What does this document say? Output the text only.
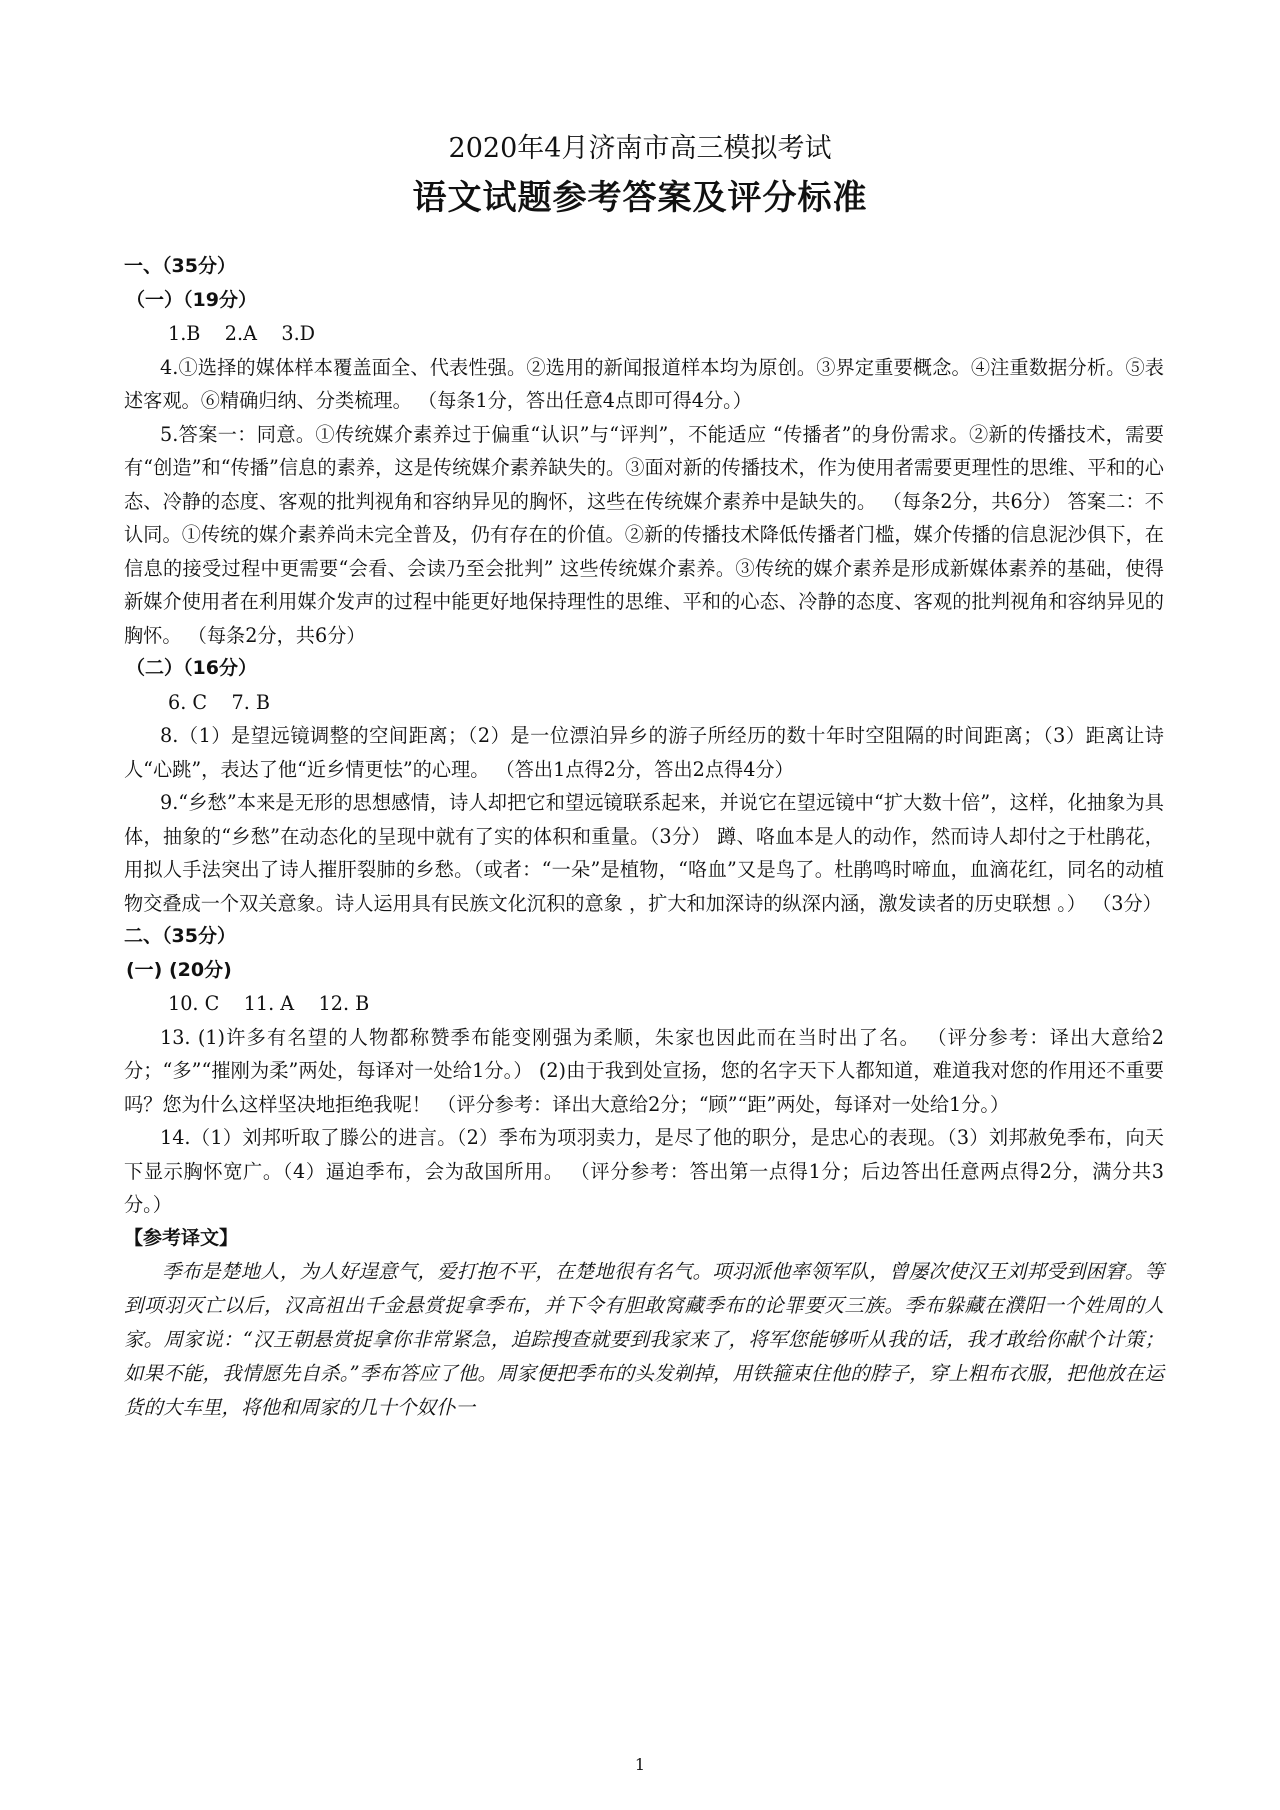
2020年4月济南市高三模拟考试
语文试题参考答案及评分标准

一、（35分）

（一）（19分）

1.B    2.A    3.D

4.①选择的媒体样本覆盖面全、代表性强。②选用的新闻报道样本均为原创。③界定重要概念。④注重数据分析。⑤表述客观。⑥精确归纳、分类梳理。 （每条1分，答出任意4点即可得4分。）

5.答案一：同意。①传统媒介素养过于偏重“认识”与“评判”，不能适应 “传播者”的身份需求。②新的传播技术，需要有“创造”和“传播”信息的素养，这是传统媒介素养缺失的。③面对新的传播技术，作为使用者需要更理性的思维、平和的心态、冷静的态度、客观的批判视角和容纳异见的胸怀，这些在传统媒介素养中是缺失的。 （每条2分，共6分） 答案二：不认同。①传统的媒介素养尚未完全普及，仍有存在的价值。②新的传播技术降低传播者门槛，媒介传播的信息泥沙俱下，在信息的接受过程中更需要“会看、会读乃至会批判” 这些传统媒介素养。③传统的媒介素养是形成新媒体素养的基础，使得新媒介使用者在利用媒介发声的过程中能更好地保持理性的思维、平和的心态、冷静的态度、客观的批判视角和容纳异见的胸怀。 （每条2分，共6分）

（二）（16分）

6. C    7. B

8.（1）是望远镜调整的空间距离；（2）是一位漂泊异乡的游子所经历的数十年时空阻隔的时间距离；（3）距离让诗人“心跳”，表达了他“近乡情更怯”的心理。 （答出1点得2分，答出2点得4分）

9.“乡愁”本来是无形的思想感情，诗人却把它和望远镜联系起来，并说它在望远镜中“扩大数十倍”，这样，化抽象为具体，抽象的“乡愁”在动态化的呈现中就有了实的体积和重量。（3分） 蹲、咯血本是人的动作，然而诗人却付之于杜鹃花，用拟人手法突出了诗人摧肝裂肺的乡愁。（或者：“一朵”是植物，“咯血”又是鸟了。杜鹃鸣时啼血，血滴花红，同名的动植物交叠成一个双关意象。诗人运用具有民族文化沉积的意象 ，扩大和加深诗的纵深内涵，激发读者的历史联想 。） （3分）

二、（35分）

(一) (20分)

10. C    11. A    12. B

13. (1)许多有名望的人物都称赞季布能变刚强为柔顺，朱家也因此而在当时出了名。 （评分参考：译出大意给2分；“多”“摧刚为柔”两处，每译对一处给1分。） (2)由于我到处宣扬，您的名字天下人都知道，难道我对您的作用还不重要吗？您为什么这样坚决地拒绝我呢！ （评分参考：译出大意给2分；“顾”“距”两处，每译对一处给1分。）

14.（1）刘邦听取了滕公的进言。（2）季布为项羽卖力，是尽了他的职分，是忠心的表现。（3）刘邦赦免季布，向天下显示胸怀宽广。（4）逼迫季布，会为敌国所用。 （评分参考：答出第一点得1分；后边答出任意两点得2分，满分共3分。）

【参考译文】

季布是楚地人，为人好逞意气，爱打抱不平，在楚地很有名气。项羽派他率领军队，曾屡次使汉王刘邦受到困窘。等到项羽灭亡以后，汉高祖出千金悬赏捉拿季布，并下令有胆敢窝藏季布的论罪要灭三族。季布躲藏在濮阳一个姓周的人家。周家说：“汉王朝悬赏捉拿你非常紧急，追踪搜查就要到我家来了，将军您能够听从我的话，我才敢给你献个计策；如果不能，我情愿先自杀。”季布答应了他。周家便把季布的头发剃掉，用铁箍束住他的脖子，穿上粗布衣服，把他放在运货的大车里，将他和周家的几十个奴仆一

1
